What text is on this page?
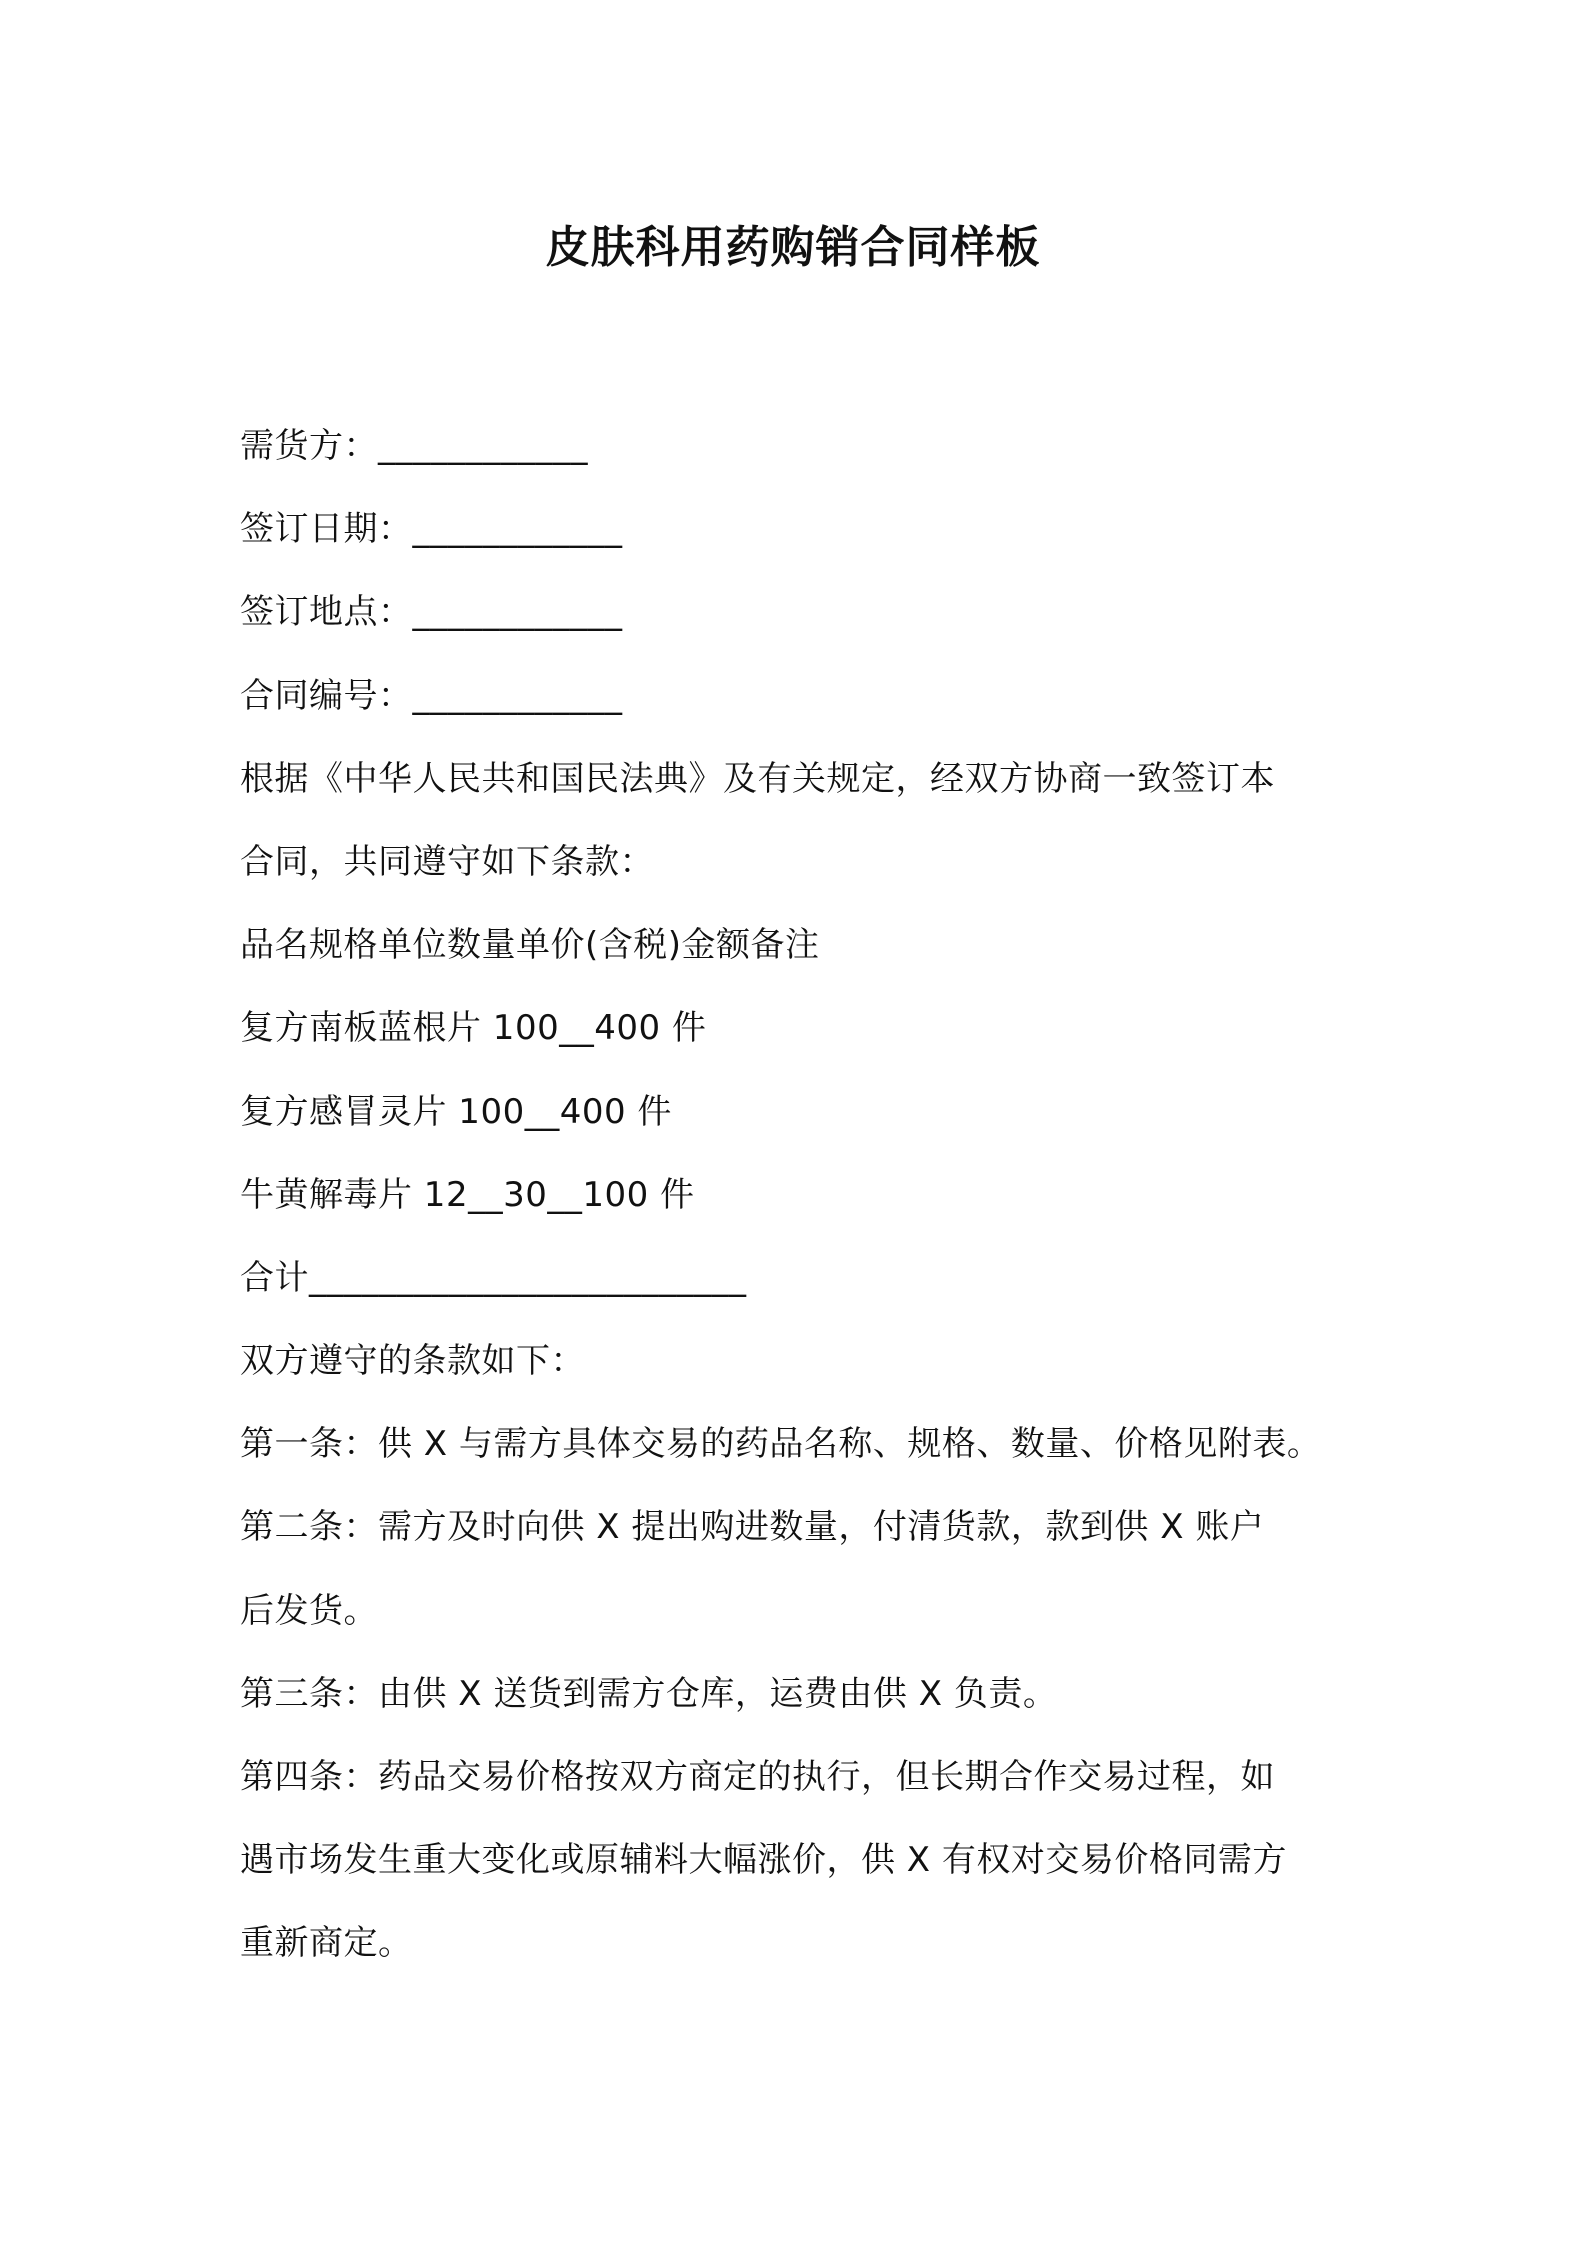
皮肤科用药购销合同样板
需货方：____________
签订日期：____________
签订地点：____________
合同编号：____________
根据《中华人民共和国民法典》及有关规定，经双方协商一致签订本
合同，共同遵守如下条款：
品名规格单位数量单价(含税)金额备注
复方南板蓝根片 100__400 件
复方感冒灵片 100__400 件
牛黄解毒片 12__30__100 件
合计_________________________
双方遵守的条款如下：
第一条：供 X 与需方具体交易的药品名称、规格、数量、价格见附表。
第二条：需方及时向供 X 提出购进数量，付清货款，款到供 X 账户
后发货。
第三条：由供 X 送货到需方仓库，运费由供 X 负责。
第四条：药品交易价格按双方商定的执行，但长期合作交易过程，如
遇市场发生重大变化或原辅料大幅涨价，供 X 有权对交易价格同需方
重新商定。
